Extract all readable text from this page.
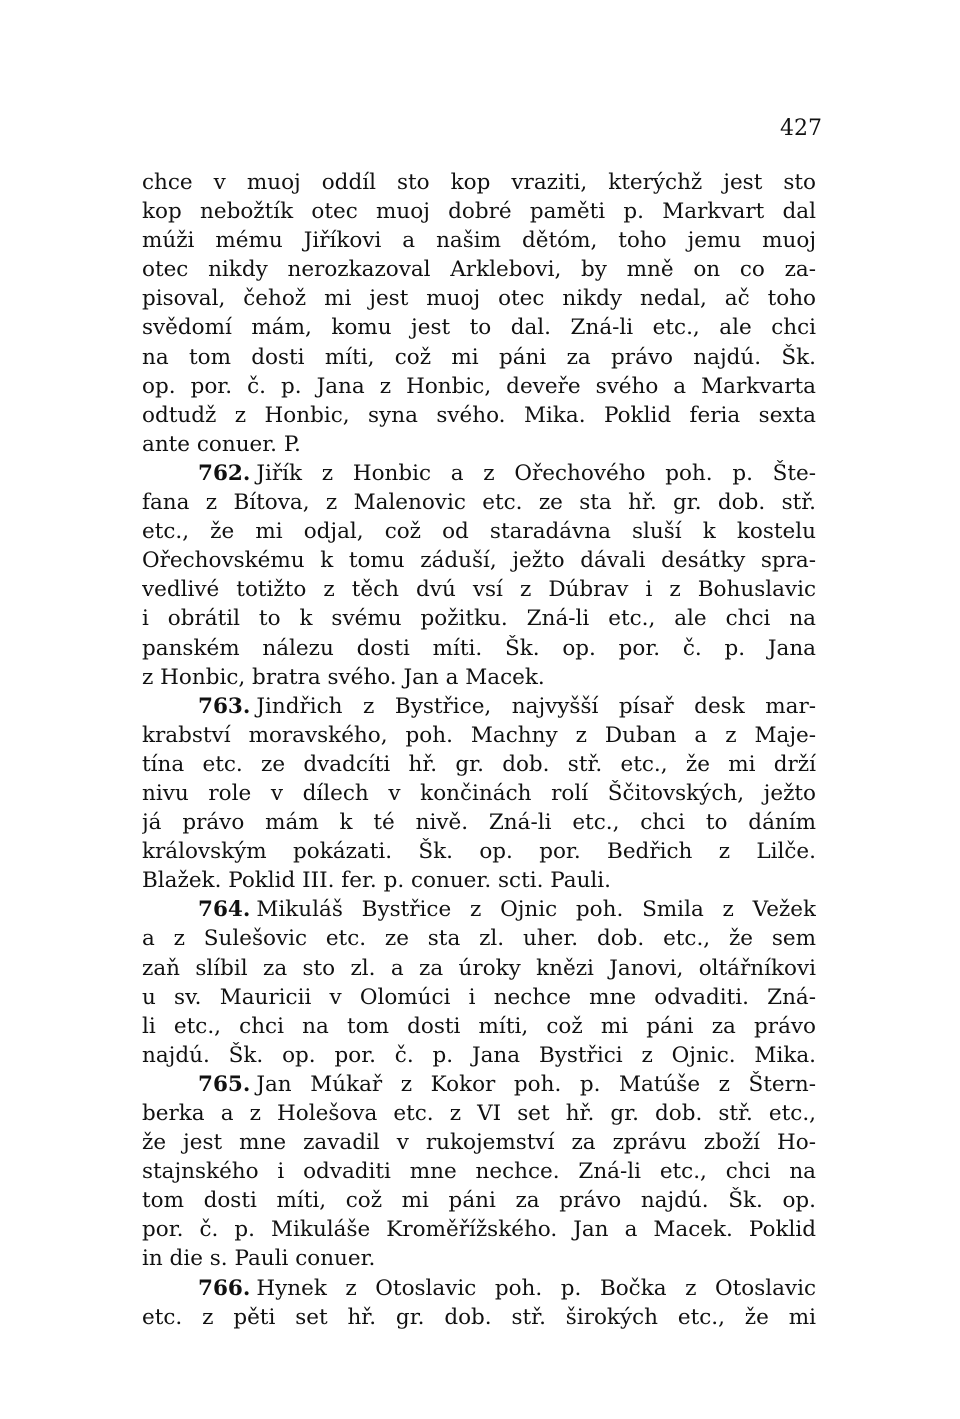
427
chce v muoj oddíl sto kop vraziti, kterýchž jest sto
kop nebožtík otec muoj dobré paměti p. Markvart dal
múži mému Jiříkovi a našim dětóm, toho jemu muoj
otec nikdy nerozkazoval Arklebovi, by mně on co za-
pisoval, čehož mi jest muoj otec nikdy nedal, ač toho
svědomí mám, komu jest to dal. Zná-li etc., ale chci
na tom dosti míti, což mi páni za právo najdú. Šk.
op. por. č. p. Jana z Honbic, deveře svého a Markvarta
odtudž z Honbic, syna svého. Mika. Poklid feria sexta
ante conuer. P.
762. Jiřík z Honbic a z Ořechového poh. p. Šte-
fana z Bítova, z Malenovic etc. ze sta hř. gr. dob. stř.
etc., že mi odjal, což od staradávna sluší k kostelu
Ořechovskému k tomu záduší, ježto dávali desátky spra-
vedlivé totižto z těch dvú vsí z Dúbrav i z Bohuslavic
i obrátil to k svému požitku. Zná-li etc., ale chci na
panském nálezu dosti míti. Šk. op. por. č. p. Jana
z Honbic, bratra svého. Jan a Macek.
763. Jindřich z Bystřice, najvyšší písař desk mar-
krabství moravského, poh. Machny z Duban a z Maje-
tína etc. ze dvadcíti hř. gr. dob. stř. etc., že mi drží
nivu role v dílech v končinách rolí Ščitovských, ježto
já právo mám k té nivě. Zná-li etc., chci to dáním
královským pokázati. Šk. op. por. Bedřich z Lilče.
Blažek. Poklid III. fer. p. conuer. scti. Pauli.
764. Mikuláš Bystřice z Ojnic poh. Smila z Vežek
a z Sulešovic etc. ze sta zl. uher. dob. etc., že sem
zaň slíbil za sto zl. a za úroky knězi Janovi, oltářníkovi
u sv. Mauricii v Olomúci i nechce mne odvaditi. Zná-
li etc., chci na tom dosti míti, což mi páni za právo
najdú. Šk. op. por. č. p. Jana Bystřici z Ojnic. Mika.
765. Jan Múkař z Kokor poh. p. Matúše z Štern-
berka a z Holešova etc. z VI set hř. gr. dob. stř. etc.,
že jest mne zavadil v rukojemství za zprávu zboží Ho-
stajnského i odvaditi mne nechce. Zná-li etc., chci na
tom dosti míti, což mi páni za právo najdú. Šk. op.
por. č. p. Mikuláše Kroměřížského. Jan a Macek. Poklid
in die s. Pauli conuer.
766. Hynek z Otoslavic poh. p. Bočka z Otoslavic
etc. z pěti set hř. gr. dob. stř. širokých etc., že mi
